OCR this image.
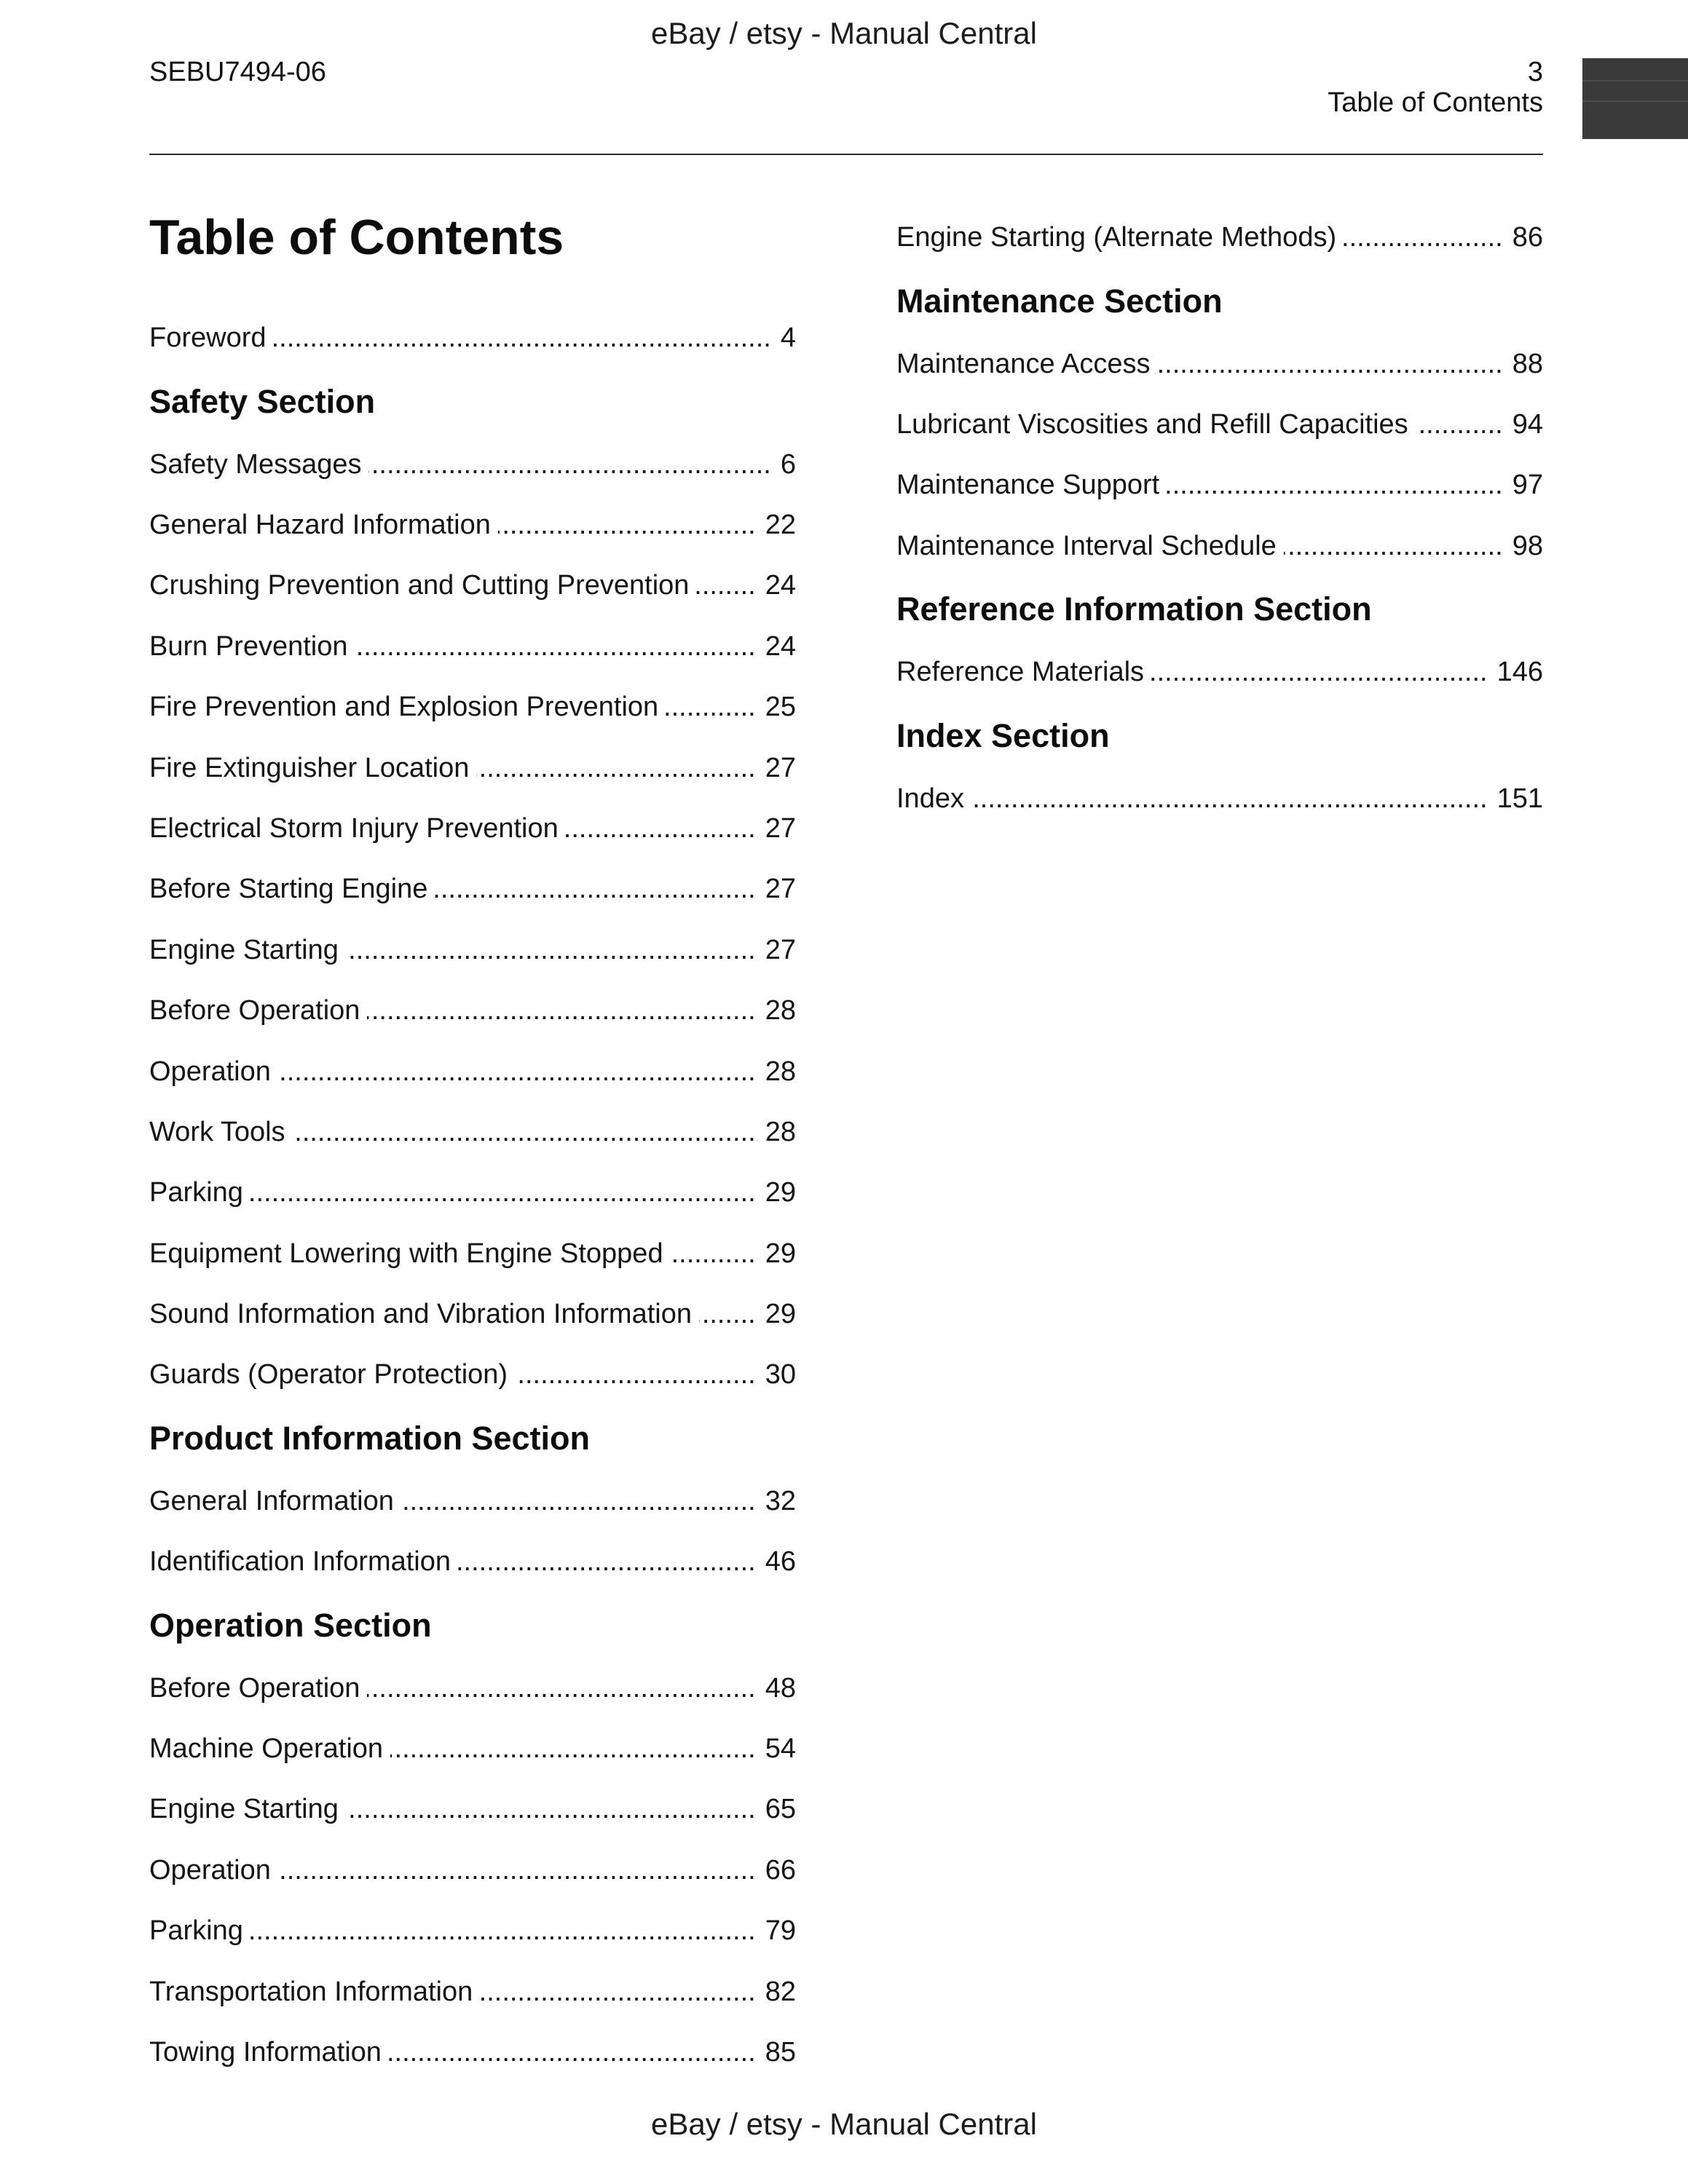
eBay / etsy - Manual Central
SEBU7494-06	3
Table of Contents
Table of Contents
Foreword .....	4
Safety Section
Safety Messages .....	6
General Hazard Information .....	22
Crushing Prevention and Cutting Prevention .....	24
Burn Prevention .....	24
Fire Prevention and Explosion Prevention .....	25
Fire Extinguisher Location .....	27
Electrical Storm Injury Prevention .....	27
Before Starting Engine .....	27
Engine Starting .....	27
Before Operation .....	28
Operation .....	28
Work Tools .....	28
Parking .....	29
Equipment Lowering with Engine Stopped .....	29
Sound Information and Vibration Information .....	29
Guards (Operator Protection) .....	30
Product Information Section
General Information .....	32
Identification Information .....	46
Operation Section
Before Operation .....	48
Machine Operation .....	54
Engine Starting .....	65
Operation .....	66
Parking .....	79
Transportation Information .....	82
Towing Information .....	85
Engine Starting (Alternate Methods) .....	86
Maintenance Section
Maintenance Access .....	88
Lubricant Viscosities and Refill Capacities .....	94
Maintenance Support .....	97
Maintenance Interval Schedule .....	98
Reference Information Section
Reference Materials .....	146
Index Section
Index .....	151
eBay / etsy - Manual Central
